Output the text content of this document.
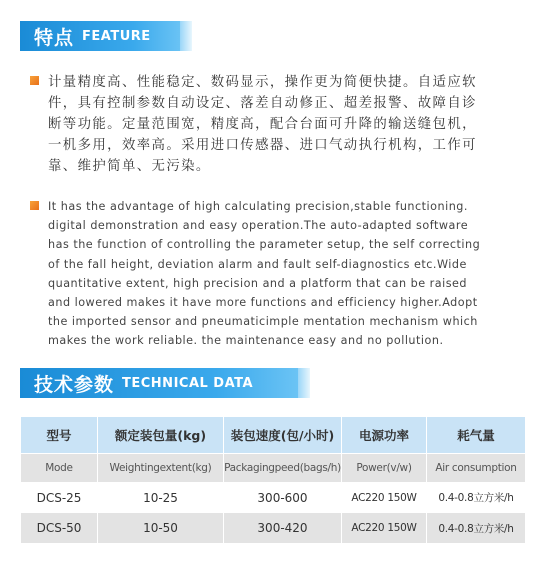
特点 FEATURE
计量精度高、性能稳定、数码显示，操作更为简便快捷。自适应软件，具有控制参数自动设定、落差自动修正、超差报警、故障自诊断等功能。定量范围宽，精度高，配合台面可升降的输送缝包机，一机多用，效率高。采用进口传感器、进口气动执行机构，工作可靠、维护简单、无污染。
It has the advantage of high calculating precision,stable functioning. digital demonstration and easy operation.The auto-adapted software has the function of controlling the parameter setup, the self correcting of the fall height, deviation alarm and fault self-diagnostics etc.Wide quantitative extent, high precision and a platform that can be raised and lowered makes it have more functions and efficiency higher.Adopt the imported sensor and pneumaticimple mentation mechanism which makes the work reliable. the maintenance easy and no pollution.
技术参数 TECHNICAL DATA
型号	额定装包量(kg)	装包速度(包/小时)	电源功率	耗气量
Mode	Weightingextent(kg)	Packagingpeed(bags/h)	Power(v/w)	Air consumption
DCS-25	10-25	300-600	AC220 150W	0.4-0.8立方米/h
DCS-50	10-50	300-420	AC220 150W	0.4-0.8立方米/h
